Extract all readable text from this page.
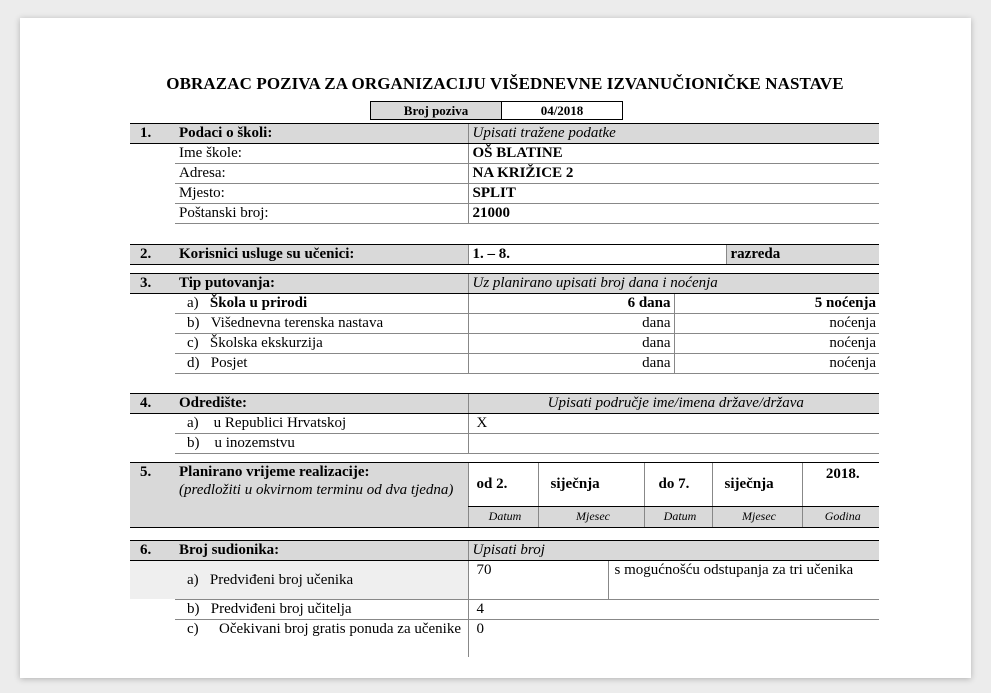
OBRAZAC POZIVA ZA ORGANIZACIJU VIŠEDNEVNE IZVANUČIONIČKE NASTAVE
Broj poziva	04/2018
1.	Podaci o školi:	Upisati tražene podatke
	Ime škole:	OŠ BLATINE
	Adresa:	NA KRIŽICE 2
	Mjesto:	SPLIT
	Poštanski broj:	21000
2.	Korisnici usluge su učenici:	1. – 8.	razreda
3.	Tip putovanja:	Uz planirano upisati broj dana i noćenja	
	a) Škola u prirodi	6 dana	5 noćenja
	b) Višednevna terenska nastava	dana	noćenja
	c) Školska ekskurzija	dana	noćenja
	d) Posjet	dana	noćenja
4.	Odredište:	Upisati područje ime/imena države/država
	a) u Republici Hrvatskoj	X
	b) u inozemstvu	
5.	Planirano vrijeme realizacije:
(predložiti u okvirnom terminu od dva tjedna)	od 2.	siječnja	do 7.	siječnja	2018.
		Datum	Mjesec	Datum	Mjesec	Godina
6.	Broj sudionika:	Upisati broj	
	a) Predviđeni broj učenika	70	s mogućnošću odstupanja za tri učenika
	b) Predviđeni broj učitelja	4	

	c) Očekivani broj gratis ponuda za učenike	0	
